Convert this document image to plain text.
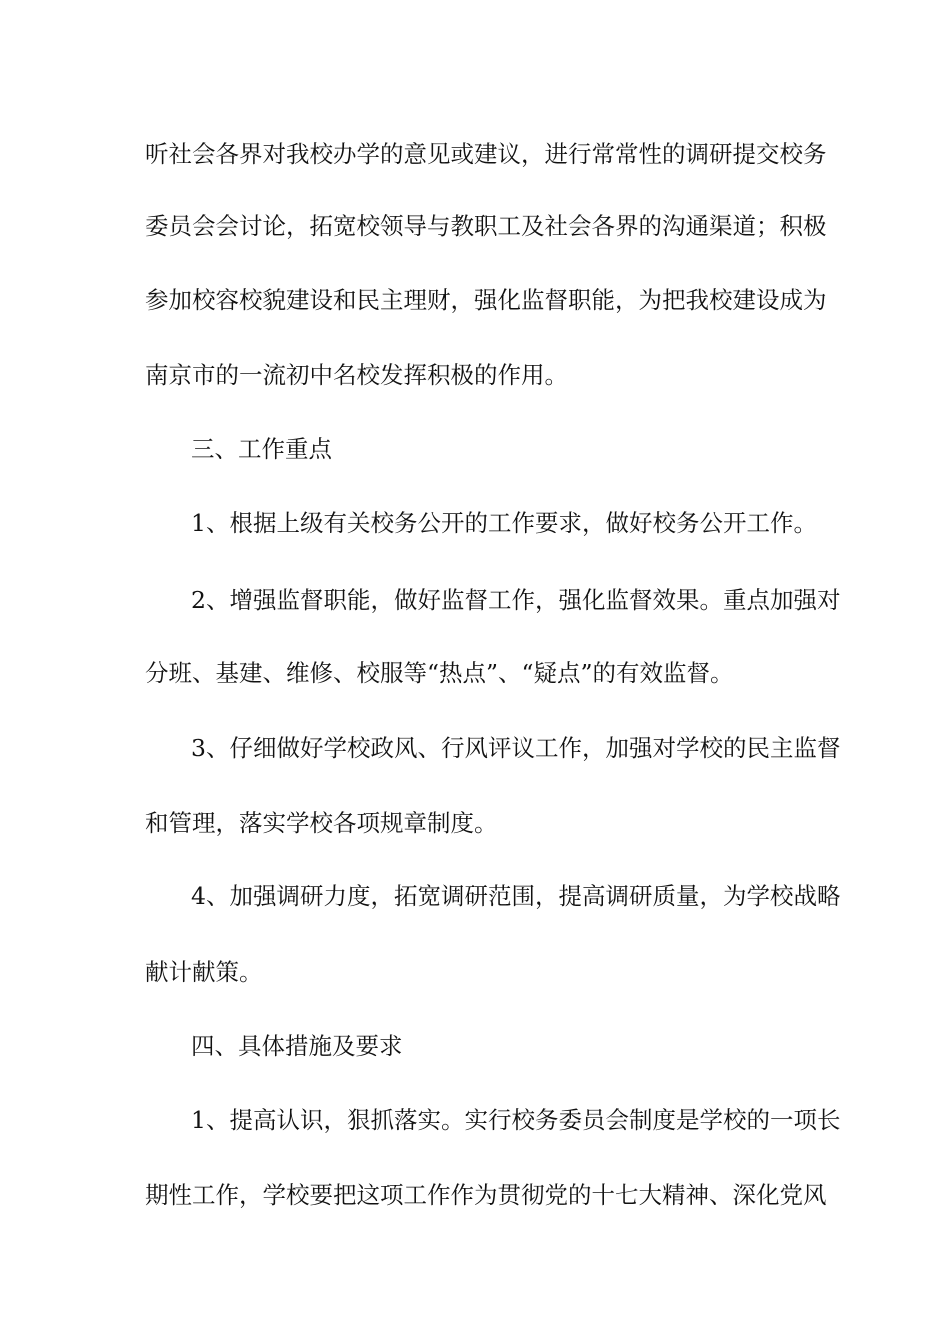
听社会各界对我校办学的意见或建议，进行常常性的调研提交校务
委员会会讨论，拓宽校领导与教职工及社会各界的沟通渠道；积极
参加校容校貌建设和民主理财，强化监督职能，为把我校建设成为
南京市的一流初中名校发挥积极的作用。
三、工作重点
1、根据上级有关校务公开的工作要求，做好校务公开工作。
2、增强监督职能，做好监督工作，强化监督效果。重点加强对
分班、基建、维修、校服等“热点”、“疑点”的有效监督。
3、仔细做好学校政风、行风评议工作，加强对学校的民主监督
和管理，落实学校各项规章制度。
4、加强调研力度，拓宽调研范围，提高调研质量，为学校战略
献计献策。
四、具体措施及要求
1、提高认识，狠抓落实。实行校务委员会制度是学校的一项长
期性工作，学校要把这项工作作为贯彻党的十七大精神、深化党风
